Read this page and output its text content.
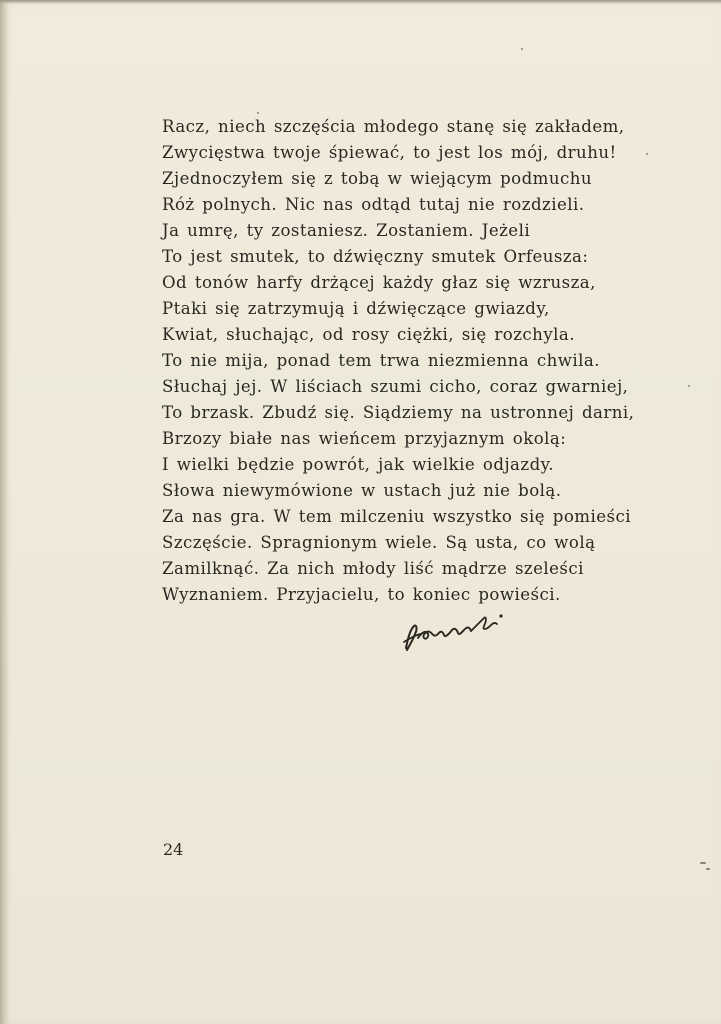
Racz, niech szczęścia młodego stanę się zakładem,
Zwycięstwa twoje śpiewać, to jest los mój, druhu!
Zjednoczyłem się z tobą w wiejącym podmuchu
Róż polnych. Nic nas odtąd tutaj nie rozdzieli.
Ja umrę, ty zostaniesz. Zostaniem. Jeżeli
To jest smutek, to dźwięczny smutek Orfeusza:
Od tonów harfy drżącej każdy głaz się wzrusza,
Ptaki się zatrzymują i dźwięczące gwiazdy,
Kwiat, słuchając, od rosy ciężki, się rozchyla.
To nie mija, ponad tem trwa niezmienna chwila.
Słuchaj jej. W liściach szumi cicho, coraz gwarniej,
To brzask. Zbudź się. Siądziemy na ustronnej darni,
Brzozy białe nas wieńcem przyjaznym okolą:
I wielki będzie powrót, jak wielkie odjazdy.
Słowa niewymówione w ustach już nie bolą.
Za nas gra. W tem milczeniu wszystko się pomieści
Szczęście. Spragnionym wiele. Są usta, co wolą
Zamilknąć. Za nich młody liść mądrze szeleści
Wyznaniem. Przyjacielu, to koniec powieści.
24
